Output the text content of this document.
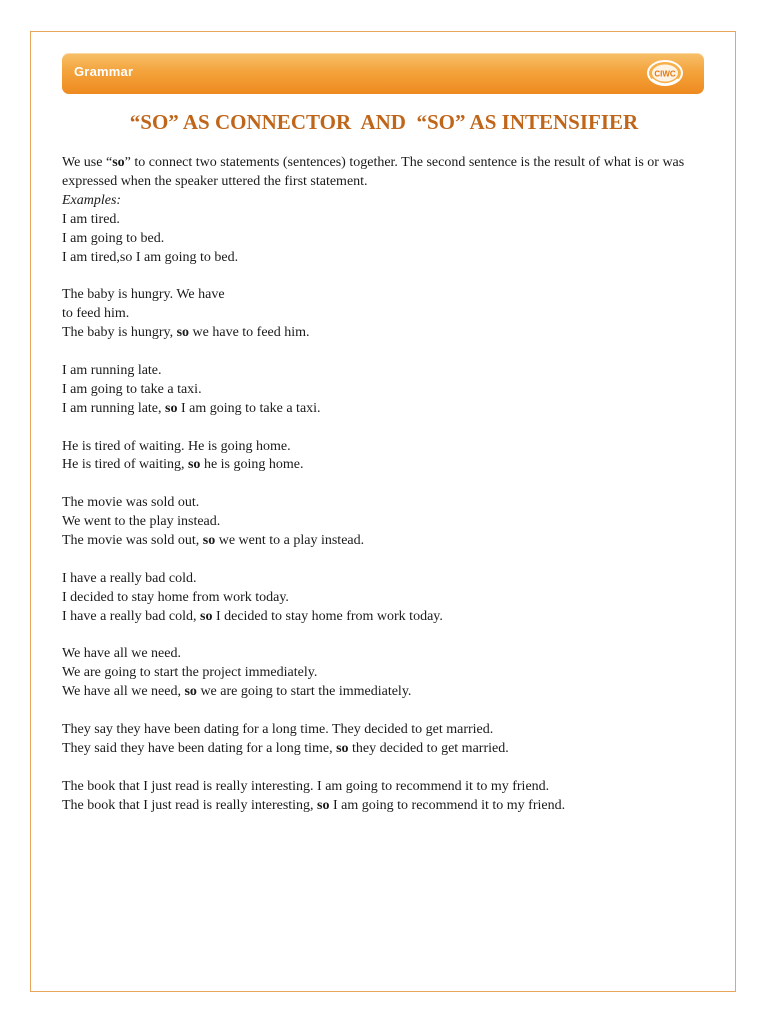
Grammar	CIWC
“SO” AS CONNECTOR  AND  “SO” AS INTENSIFIER

We use “so” to connect two statements (sentences) together. The second sentence is the result of what is or was expressed when the speaker uttered the first statement.

Examples:

I am tired.

I am going to bed.

I am tired,so I am going to bed.

The baby is hungry. We have

to feed him.

The baby is hungry, so we have to feed him.

I am running late.

I am going to take a taxi.

I am running late, so I am going to take a taxi.

He is tired of waiting. He is going home.

He is tired of waiting, so he is going home.

The movie was sold out.

We went to the play instead.

The movie was sold out, so we went to a play instead.

I have a really bad cold.

I decided to stay home from work today.

I have a really bad cold, so I decided to stay home from work today.

We have all we need.

We are going to start the project immediately.

We have all we need, so we are going to start the immediately.

They say they have been dating for a long time. They decided to get married.

They said they have been dating for a long time, so they decided to get married.

The book that I just read is really interesting. I am going to recommend it to my friend.

The book that I just read is really interesting, so I am going to recommend it to my friend.
